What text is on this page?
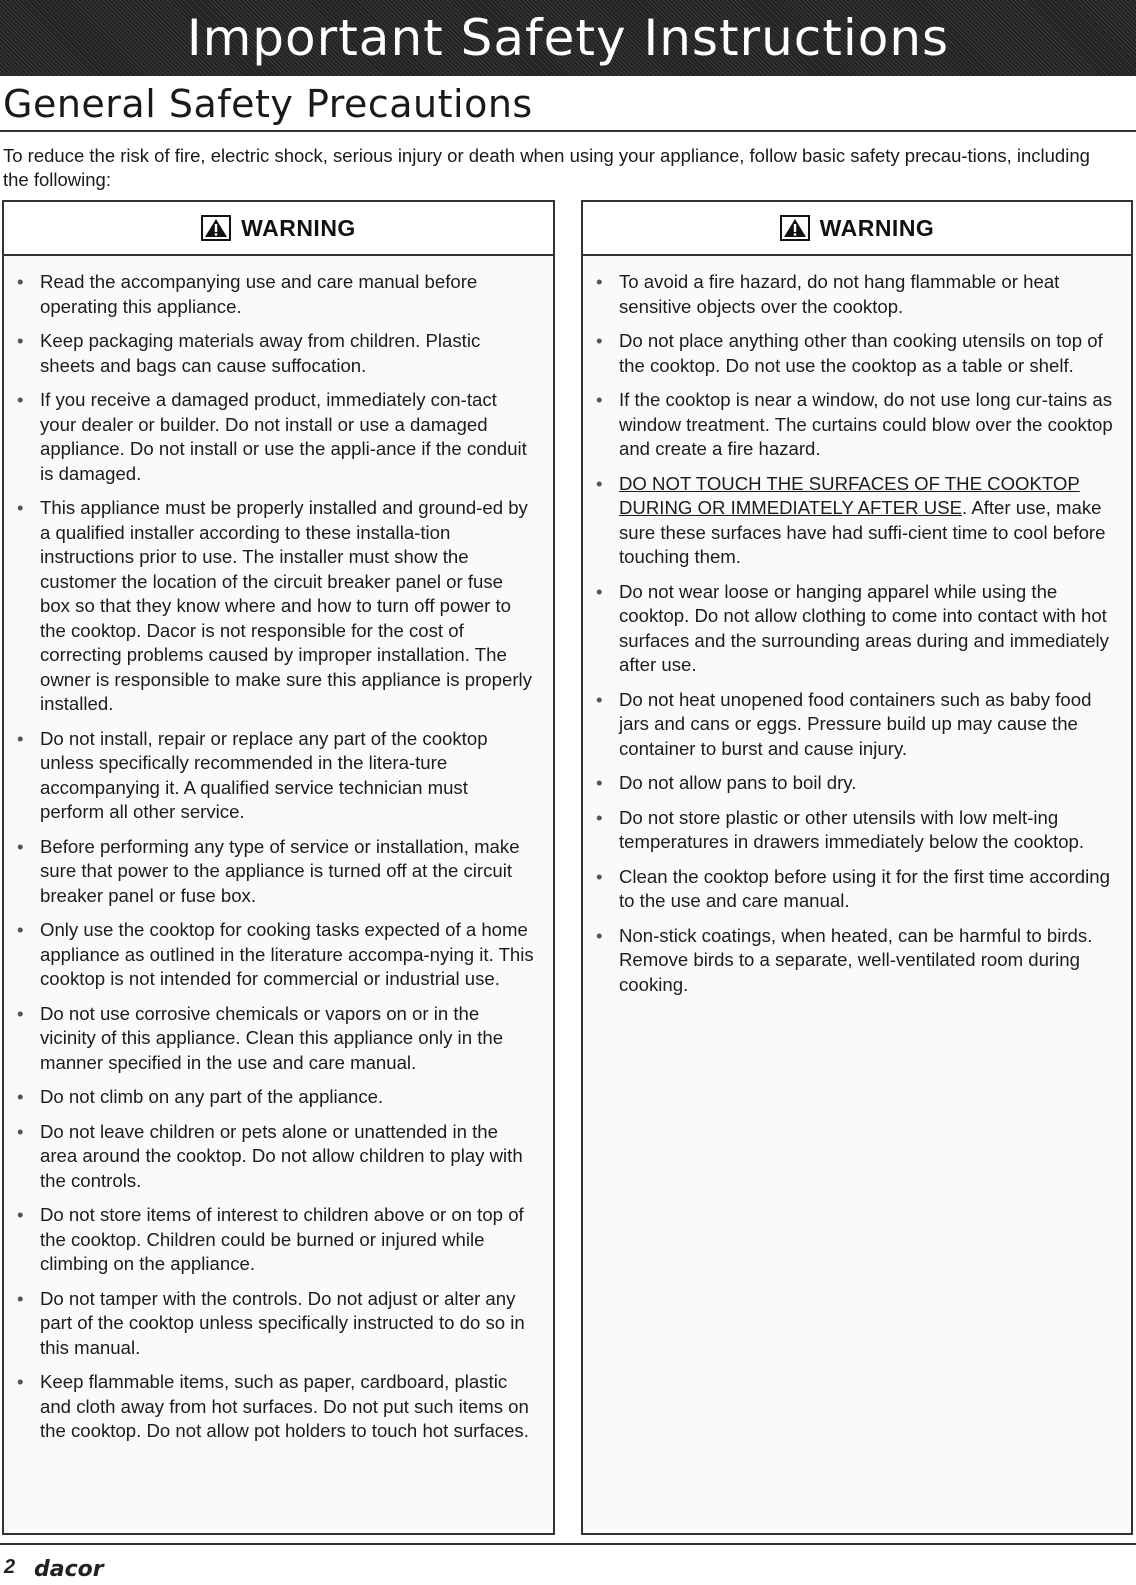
Important Safety Instructions
General Safety Precautions

To reduce the risk of fire, electric shock, serious injury or death when using your appliance, follow basic safety precau-tions, including the following:

WARNING
• Read the accompanying use and care manual before operating this appliance.
• Keep packaging materials away from children. Plastic sheets and bags can cause suffocation.
• If you receive a damaged product, immediately con-tact your dealer or builder. Do not install or use a damaged appliance. Do not install or use the appli-ance if the conduit is damaged.
• This appliance must be properly installed and ground-ed by a qualified installer according to these installa-tion instructions prior to use. The installer must show the customer the location of the circuit breaker panel or fuse box so that they know where and how to turn off power to the cooktop. Dacor is not responsible for the cost of correcting problems caused by improper installation. The owner is responsible to make sure this appliance is properly installed.
• Do not install, repair or replace any part of the cooktop unless specifically recommended in the litera-ture accompanying it. A qualified service technician must perform all other service.
• Before performing any type of service or installation, make sure that power to the appliance is turned off at the circuit breaker panel or fuse box.
• Only use the cooktop for cooking tasks expected of a home appliance as outlined in the literature accompa-nying it. This cooktop is not intended for commercial or industrial use.
• Do not use corrosive chemicals or vapors on or in the vicinity of this appliance. Clean this appliance only in the manner specified in the use and care manual.
• Do not climb on any part of the appliance.
• Do not leave children or pets alone or unattended in the area around the cooktop. Do not allow children to play with the controls.
• Do not store items of interest to children above or on top of the cooktop. Children could be burned or injured while climbing on the appliance.
• Do not tamper with the controls. Do not adjust or alter any part of the cooktop unless specifically instructed to do so in this manual.
• Keep flammable items, such as paper, cardboard, plastic and cloth away from hot surfaces. Do not put such items on the cooktop. Do not allow pot holders to touch hot surfaces.
WARNING
• To avoid a fire hazard, do not hang flammable or heat sensitive objects over the cooktop.
• Do not place anything other than cooking utensils on top of the cooktop. Do not use the cooktop as a table or shelf.
• If the cooktop is near a window, do not use long cur-tains as window treatment. The curtains could blow over the cooktop and create a fire hazard.
• DO NOT TOUCH THE SURFACES OF THE COOKTOP DURING OR IMMEDIATELY AFTER USE. After use, make sure these surfaces have had suffi-cient time to cool before touching them.
• Do not wear loose or hanging apparel while using the cooktop. Do not allow clothing to come into contact with hot surfaces and the surrounding areas during and immediately after use.
• Do not heat unopened food containers such as baby food jars and cans or eggs. Pressure build up may cause the container to burst and cause injury.
• Do not allow pans to boil dry.
• Do not store plastic or other utensils with low melt-ing temperatures in drawers immediately below the cooktop.
• Clean the cooktop before using it for the first time according to the use and care manual.
• Non-stick coatings, when heated, can be harmful to birds. Remove birds to a separate, well-ventilated room during cooking.
2 dacor
